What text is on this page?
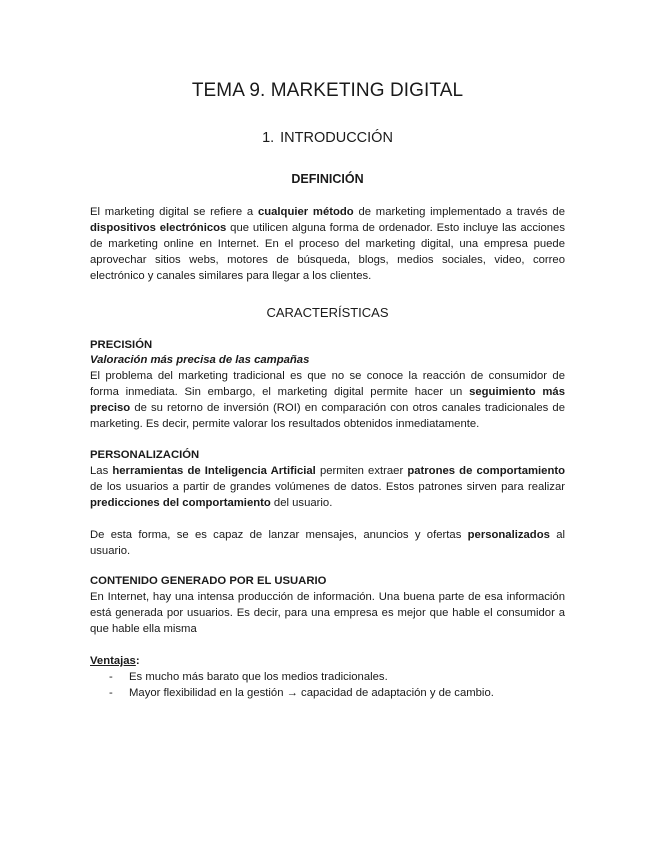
TEMA 9. MARKETING DIGITAL
1. INTRODUCCIÓN
DEFINICIÓN

El marketing digital se refiere a cualquier método de marketing implementado a través de dispositivos electrónicos que utilicen alguna forma de ordenador. Esto incluye las acciones de marketing online en Internet. En el proceso del marketing digital, una empresa puede aprovechar sitios webs, motores de búsqueda, blogs, medios sociales, video, correo electrónico y canales similares para llegar a los clientes.

CARACTERÍSTICAS
PRECISIÓN
Valoración más precisa de las campañas

El problema del marketing tradicional es que no se conoce la reacción de consumidor de forma inmediata. Sin embargo, el marketing digital permite hacer un seguimiento más preciso de su retorno de inversión (ROI) en comparación con otros canales tradicionales de marketing. Es decir, permite valorar los resultados obtenidos inmediatamente.

PERSONALIZACIÓN

Las herramientas de Inteligencia Artificial permiten extraer patrones de comportamiento de los usuarios a partir de grandes volúmenes de datos. Estos patrones sirven para realizar predicciones del comportamiento del usuario.

De esta forma, se es capaz de lanzar mensajes, anuncios y ofertas personalizados al usuario.

CONTENIDO GENERADO POR EL USUARIO

En Internet, hay una intensa producción de información. Una buena parte de esa información está generada por usuarios. Es decir, para una empresa es mejor que hable el consumidor a que hable ella misma

Ventajas:
- Es mucho más barato que los medios tradicionales.
- Mayor flexibilidad en la gestión → capacidad de adaptación y de cambio.
